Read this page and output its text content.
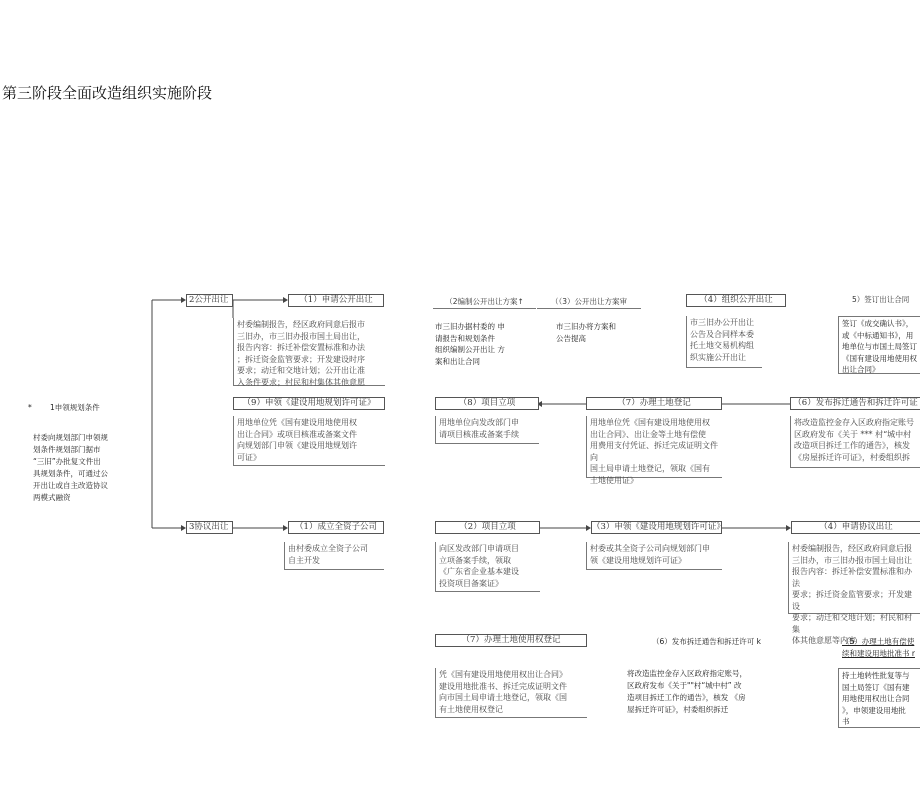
第三阶段全面改造组织实施阶段
* 1申领规划条件
村委向规划部门申领规
划条件规划部门据市
“三旧”办批复文件出
具规划条件，可通过公
开出让或自主改造协议
两模式融资
2公开出让	（1）申请公开出让
村委编制报告，经区政府同意后报市
三旧办，市三旧办报市国土局出让，
报告内容：拆迁补偿安置标准和办法
；拆迁资金监管要求；开发建设时序
要求；动迁和交地计划；公开出让准
入条件要求；村民和村集体其他意愿
（2编制公开出让方案↑
市三旧办据村委的 申
请报告和规划条件
组织编制公开出让 方
案和出让合同
（（3）公开出让方案审
市三旧办将方案和
公告提高
（4）组织公开出让
市三旧办公开出让
公告及合同样本委
托土地交易机构组
织实施公开出让
5）签订出让合同
签订《成交确认书》，
或《中标通知书》，用
地单位与市国土局签订
《国有建设用地使用权
出让合同》
（9）申领《建设用地规划许可证》
用地单位凭《国有建设用地使用权
出让合同》或项目核准或备案文件
向规划部门申领《建设用地规划许
可证》
（8）项目立项
用地单位向发改部门申
请项目核准或备案手续
（7）办理土地登记
用地单位凭《国有建设用地使用权
出让合同》、出让金等土地有偿使
用费用支付凭证、拆迁完成证明文件向
国土局申请土地登记，领取《国有
土地使用证》
（6）发布拆迁通告和拆迁许可证
将改造监控金存入区政府指定账号
区政府发布《关于 *** 村“城中村
改造项目拆迁工作的通告》，核发
《房屋拆迁许可证》，村委组织拆
3协议出让	（1）成立全资子公司
由村委成立全资子公司
自主开发
（2）项目立项
向区发改部门申请项目
立项备案手续，领取
《广东省企业基本建设
投资项目备案证》
（3）申领《建设用地规划许可证》
村委或其全资子公司向规划部门申
领《建设用地规划许可证》
（4）申请协议出让
村委编制报告，经区政府同意后报
三旧办，市三旧办报市国土局出让
报告内容：拆迁补偿安置标准和办法
要求；拆迁资金监管要求；开发建设
要求；动迁和交地计划；村民和村集
体其他意愿等内容
（7）办理土地使用权登记
凭《国有建设用地使用权出让合同》
建设用地批准书、拆迁完成证明文件
向市国土局申请土地登记，领取《国
有土地使用权登记
（6）发布拆迁通告和拆迁许可 k
将改造监控金存入区政府指定账号，
区政府发布《关于""村“城中村” 改
造项目拆迁工作的通告》，核发 《房
屋拆迁许可证》，村委组织拆迁
（5）办理土地有偿使
续和建设用地批准书 r
持土地转性批复等与
国土局签订《国有建
用地使用权出让合同
》，申领建设用地批
书
